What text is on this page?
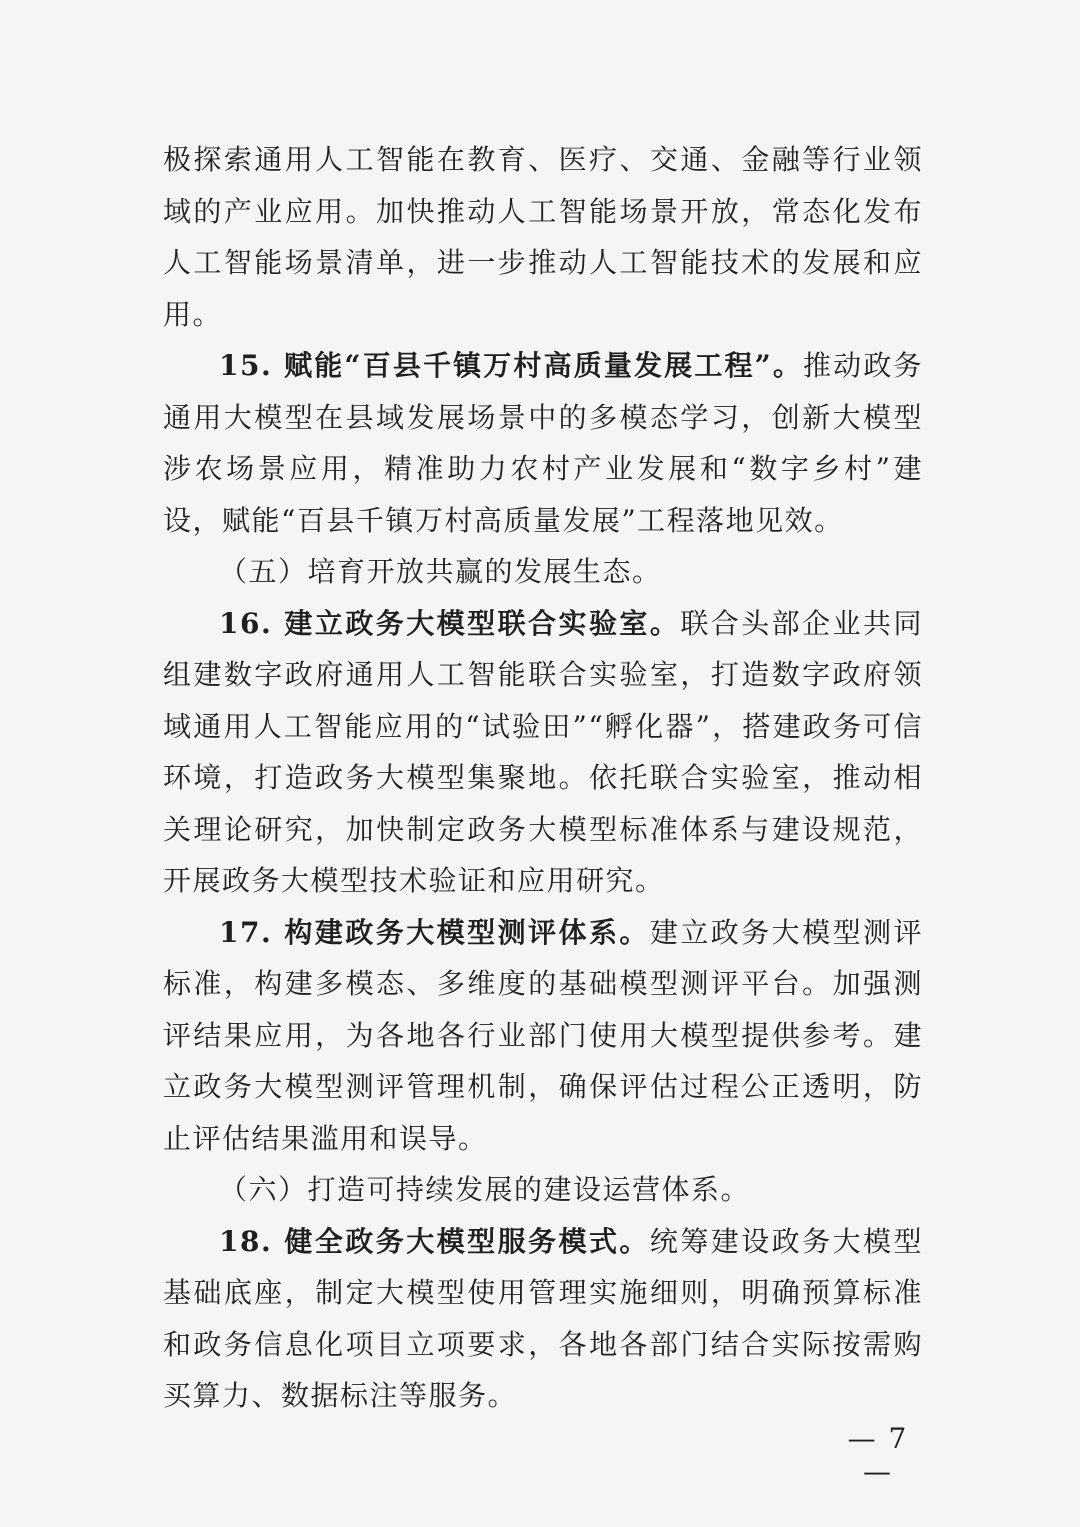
极探索通用人工智能在教育、医疗、交通、金融等行业领域的产业应用。加快推动人工智能场景开放，常态化发布人工智能场景清单，进一步推动人工智能技术的发展和应用。

15. 赋能“百县千镇万村高质量发展工程”。推动政务通用大模型在县域发展场景中的多模态学习，创新大模型涉农场景应用，精准助力农村产业发展和“数字乡村”建设，赋能“百县千镇万村高质量发展”工程落地见效。

（五）培育开放共赢的发展生态。

16. 建立政务大模型联合实验室。联合头部企业共同组建数字政府通用人工智能联合实验室，打造数字政府领域通用人工智能应用的“试验田”“孵化器”，搭建政务可信环境，打造政务大模型集聚地。依托联合实验室，推动相关理论研究，加快制定政务大模型标准体系与建设规范，开展政务大模型技术验证和应用研究。

17. 构建政务大模型测评体系。建立政务大模型测评标准，构建多模态、多维度的基础模型测评平台。加强测评结果应用，为各地各行业部门使用大模型提供参考。建立政务大模型测评管理机制，确保评估过程公正透明，防止评估结果滥用和误导。

（六）打造可持续发展的建设运营体系。

18. 健全政务大模型服务模式。统筹建设政务大模型基础底座，制定大模型使用管理实施细则，明确预算标准和政务信息化项目立项要求，各地各部门结合实际按需购买算力、数据标注等服务。

— 7 —
